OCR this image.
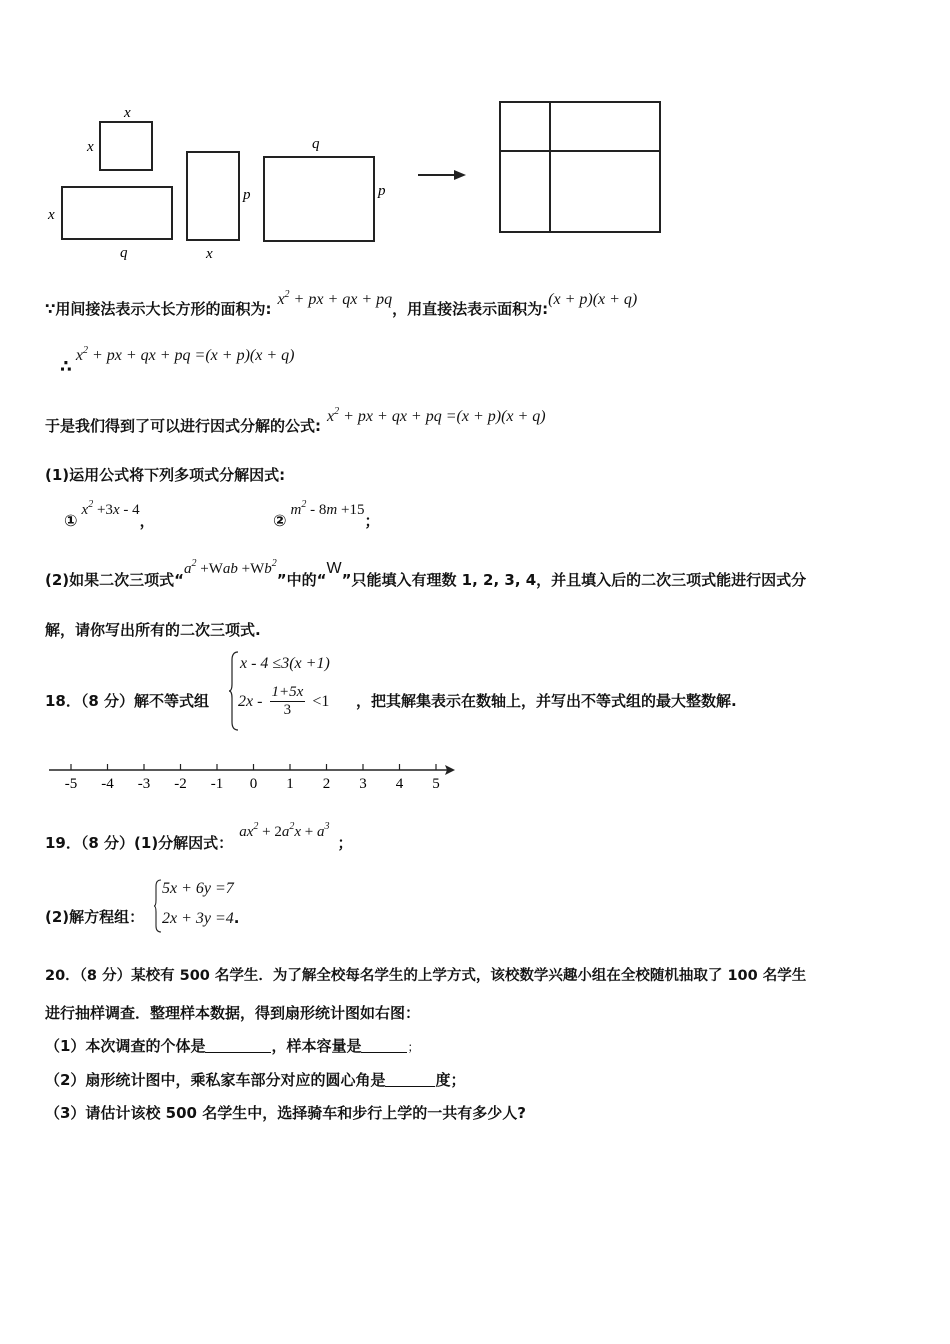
x
x
x
q
p
x
q
p
∵用间接法表示大长方形的面积为$:x^2$ + px + qx + pq，用直接法表示面积为:(x + p)(x + q)
$\therefore x^2$ + px + qx + pq =(x + p)(x + q)
于是我们得到了可以进行因式分解的公式$:x^2$ + px + qx + pq =(x + p)(x + q)
(1)运用公式将下列多项式分解因式:
$①x^2 +3x - 4$，	$②m^2 - 8m +15$；
(2)如果二次三项式“$a^2 +Wab +Wb^2$”中的“W”只能填入有理数 1, 2, 3, 4，并且填入后的二次三项式能进行因式分
解，请你写出所有的二次三项式.
18．（8 分）解不等式组
x - 4 ≤3(x +1)
$2x - \frac{1+5x}{3} <1$ ，把其解集表示在数轴上，并写出不等式组的最大整数解.
-5 -4 -3 -2 -1 0 1 2 3 4 5
19．（8 分）(1)分解因式：$ax^2 + 2a^2x + a^3$；
(2)解方程组：
5x + 6y =7
2x + 3y =4.
20．（8 分）某校有 500 名学生．为了解全校每名学生的上学方式，该校数学兴趣小组在全校随机抽取了 100 名学生
进行抽样调查．整理样本数据，得到扇形统计图如右图：
（1）本次调查的个体是	，样本容量是	；
（2）扇形统计图中，乘私家车部分对应的圆心角是	度；
（3）请估计该校 500 名学生中，选择骑车和步行上学的一共有多少人?
